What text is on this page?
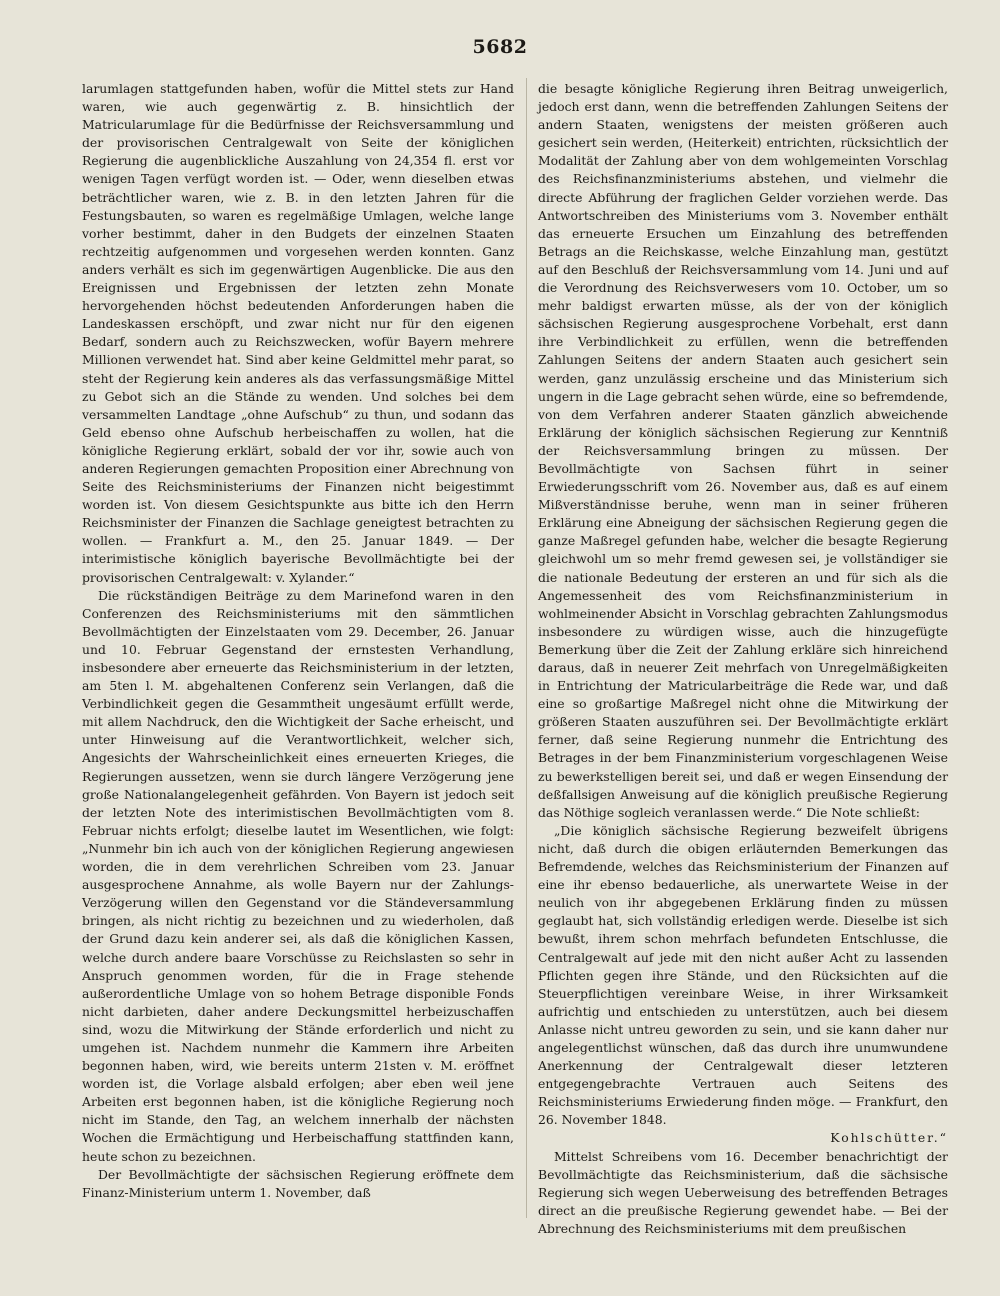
5682

larumlagen stattgefunden haben, wofür die Mittel stets zur Hand waren, wie auch gegenwärtig z. B. hinsichtlich der Matricularumlage für die Bedürfnisse der Reichsversammlung und der provisorischen Centralgewalt von Seite der königlichen Regierung die augenblickliche Auszahlung von 24,354 fl. erst vor wenigen Tagen verfügt worden ist. — Oder, wenn dieselben etwas beträchtlicher waren, wie z. B. in den letzten Jahren für die Festungsbauten, so waren es regelmäßige Umlagen, welche lange vorher bestimmt, daher in den Budgets der einzelnen Staaten rechtzeitig aufgenommen und vorgesehen werden konnten. Ganz anders verhält es sich im gegenwärtigen Augenblicke. Die aus den Ereignissen und Ergebnissen der letzten zehn Monate hervorgehenden höchst bedeutenden Anforderungen haben die Landeskassen erschöpft, und zwar nicht nur für den eigenen Bedarf, sondern auch zu Reichszwecken, wofür Bayern mehrere Millionen verwendet hat. Sind aber keine Geldmittel mehr parat, so steht der Regierung kein anderes als das verfassungsmäßige Mittel zu Gebot sich an die Stände zu wenden. Und solches bei dem versammelten Landtage „ohne Aufschub“ zu thun, und sodann das Geld ebenso ohne Aufschub herbeischaffen zu wollen, hat die königliche Regierung erklärt, sobald der vor ihr, sowie auch von anderen Regierungen gemachten Proposition einer Abrechnung von Seite des Reichsministeriums der Finanzen nicht beigestimmt worden ist. Von diesem Gesichtspunkte aus bitte ich den Herrn Reichsminister der Finanzen die Sachlage geneigtest betrachten zu wollen. — Frankfurt a. M., den 25. Januar 1849. — Der interimistische königlich bayerische Bevollmächtigte bei der provisorischen Centralgewalt: v. Xylander.“

Die rückständigen Beiträge zu dem Marinefond waren in den Conferenzen des Reichsministeriums mit den sämmtlichen Bevollmächtigten der Einzelstaaten vom 29. December, 26. Januar und 10. Februar Gegenstand der ernstesten Verhandlung, insbesondere aber erneuerte das Reichsministerium in der letzten, am 5ten l. M. abgehaltenen Conferenz sein Verlangen, daß die Verbindlichkeit gegen die Gesammtheit ungesäumt erfüllt werde, mit allem Nachdruck, den die Wichtigkeit der Sache erheischt, und unter Hinweisung auf die Verantwortlichkeit, welcher sich, Angesichts der Wahrscheinlichkeit eines erneuerten Krieges, die Regierungen aussetzen, wenn sie durch längere Verzögerung jene große Nationalangelegenheit gefährden. Von Bayern ist jedoch seit der letzten Note des interimistischen Bevollmächtigten vom 8. Februar nichts erfolgt; dieselbe lautet im Wesentlichen, wie folgt: „Nunmehr bin ich auch von der königlichen Regierung angewiesen worden, die in dem verehrlichen Schreiben vom 23. Januar ausgesprochene Annahme, als wolle Bayern nur der Zahlungs-Verzögerung willen den Gegenstand vor die Ständeversammlung bringen, als nicht richtig zu bezeichnen und zu wiederholen, daß der Grund dazu kein anderer sei, als daß die königlichen Kassen, welche durch andere baare Vorschüsse zu Reichslasten so sehr in Anspruch genommen worden, für die in Frage stehende außerordentliche Umlage von so hohem Betrage disponible Fonds nicht darbieten, daher andere Deckungsmittel herbeizuschaffen sind, wozu die Mitwirkung der Stände erforderlich und nicht zu umgehen ist. Nachdem nunmehr die Kammern ihre Arbeiten begonnen haben, wird, wie bereits unterm 21sten v. M. eröffnet worden ist, die Vorlage alsbald erfolgen; aber eben weil jene Arbeiten erst begonnen haben, ist die königliche Regierung noch nicht im Stande, den Tag, an welchem innerhalb der nächsten Wochen die Ermächtigung und Herbeischaffung stattfinden kann, heute schon zu bezeichnen.

Der Bevollmächtigte der sächsischen Regierung eröffnete dem Finanz-Ministerium unterm 1. November, daß

die besagte königliche Regierung ihren Beitrag unweigerlich, jedoch erst dann, wenn die betreffenden Zahlungen Seitens der andern Staaten, wenigstens der meisten größeren auch gesichert sein werden, (Heiterkeit) entrichten, rücksichtlich der Modalität der Zahlung aber von dem wohlgemeinten Vorschlag des Reichsfinanzministeriums abstehen, und vielmehr die directe Abführung der fraglichen Gelder vorziehen werde. Das Antwortschreiben des Ministeriums vom 3. November enthält das erneuerte Ersuchen um Einzahlung des betreffenden Betrags an die Reichskasse, welche Einzahlung man, gestützt auf den Beschluß der Reichsversammlung vom 14. Juni und auf die Verordnung des Reichsverwesers vom 10. October, um so mehr baldigst erwarten müsse, als der von der königlich sächsischen Regierung ausgesprochene Vorbehalt, erst dann ihre Verbindlichkeit zu erfüllen, wenn die betreffenden Zahlungen Seitens der andern Staaten auch gesichert sein werden, ganz unzulässig erscheine und das Ministerium sich ungern in die Lage gebracht sehen würde, eine so befremdende, von dem Verfahren anderer Staaten gänzlich abweichende Erklärung der königlich sächsischen Regierung zur Kenntniß der Reichsversammlung bringen zu müssen. Der Bevollmächtigte von Sachsen führt in seiner Erwiederungsschrift vom 26. November aus, daß es auf einem Mißverständnisse beruhe, wenn man in seiner früheren Erklärung eine Abneigung der sächsischen Regierung gegen die ganze Maßregel gefunden habe, welcher die besagte Regierung gleichwohl um so mehr fremd gewesen sei, je vollständiger sie die nationale Bedeutung der ersteren an und für sich als die Angemessenheit des vom Reichsfinanzministerium in wohlmeinender Absicht in Vorschlag gebrachten Zahlungsmodus insbesondere zu würdigen wisse, auch die hinzugefügte Bemerkung über die Zeit der Zahlung erkläre sich hinreichend daraus, daß in neuerer Zeit mehrfach von Unregelmäßigkeiten in Entrichtung der Matricularbeiträge die Rede war, und daß eine so großartige Maßregel nicht ohne die Mitwirkung der größeren Staaten auszuführen sei. Der Bevollmächtigte erklärt ferner, daß seine Regierung nunmehr die Entrichtung des Betrages in der bem Finanzministerium vorgeschlagenen Weise zu bewerkstelligen bereit sei, und daß er wegen Einsendung der deßfallsigen Anweisung auf die königlich preußische Regierung das Nöthige sogleich veranlassen werde.“ Die Note schließt:

„Die königlich sächsische Regierung bezweifelt übrigens nicht, daß durch die obigen erläuternden Bemerkungen das Befremdende, welches das Reichsministerium der Finanzen auf eine ihr ebenso bedauerliche, als unerwartete Weise in der neulich von ihr abgegebenen Erklärung finden zu müssen geglaubt hat, sich vollständig erledigen werde. Dieselbe ist sich bewußt, ihrem schon mehrfach befundeten Entschlusse, die Centralgewalt auf jede mit den nicht außer Acht zu lassenden Pflichten gegen ihre Stände, und den Rücksichten auf die Steuerpflichtigen vereinbare Weise, in ihrer Wirksamkeit aufrichtig und entschieden zu unterstützen, auch bei diesem Anlasse nicht untreu geworden zu sein, und sie kann daher nur angelegentlichst wünschen, daß das durch ihre unumwundene Anerkennung der Centralgewalt dieser letzteren entgegengebrachte Vertrauen auch Seitens des Reichsministeriums Erwiederung finden möge. — Frankfurt, den 26. November 1848.

Kohlschütter.“

Mittelst Schreibens vom 16. December benachrichtigt der Bevollmächtigte das Reichsministerium, daß die sächsische Regierung sich wegen Ueberweisung des betreffenden Betrages direct an die preußische Regierung gewendet habe. — Bei der Abrechnung des Reichsministeriums mit dem preußischen
